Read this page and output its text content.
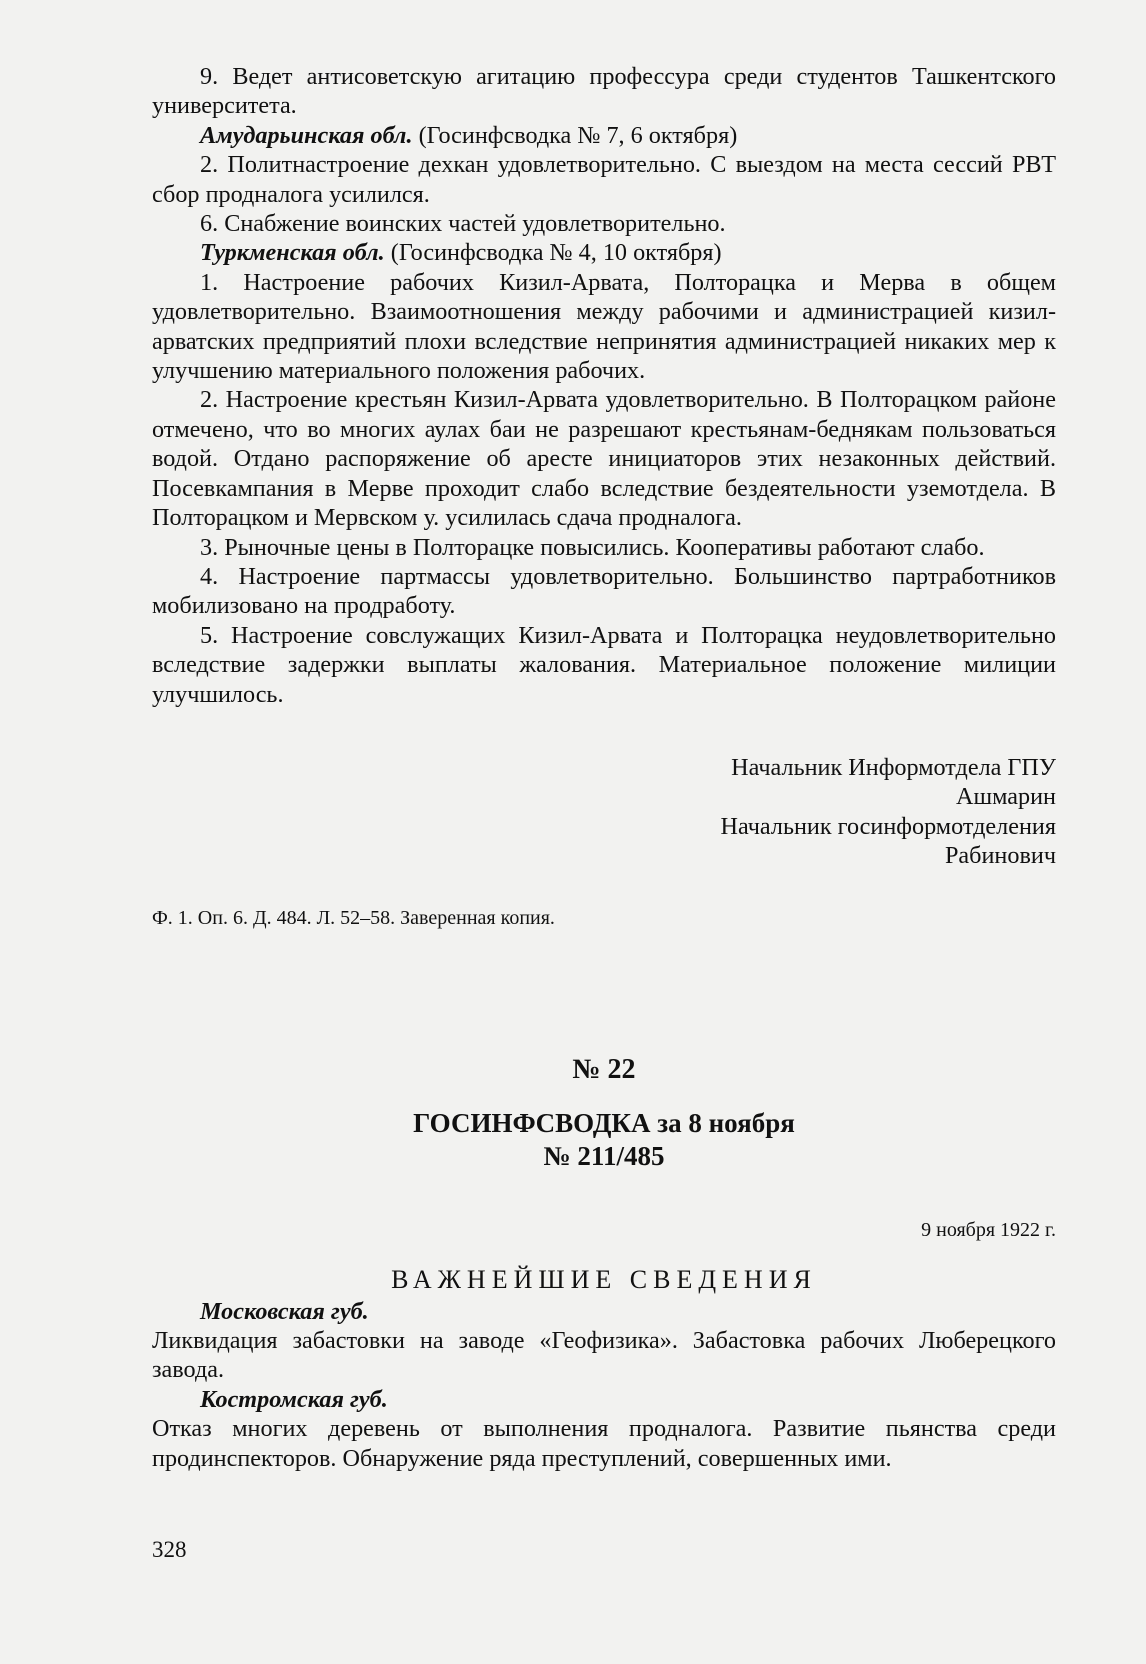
9. Ведет антисоветскую агитацию профессура среди студентов Ташкентского университета.

Амударьинская обл. (Госинфсводка № 7, 6 октября)

2. Политнастроение дехкан удовлетворительно. С выездом на места сессий РВТ сбор продналога усилился.

6. Снабжение воинских частей удовлетворительно.

Туркменская обл. (Госинфсводка № 4, 10 октября)

1. Настроение рабочих Кизил-Арвата, Полторацка и Мерва в общем удовлетворительно. Взаимоотношения между рабочими и администрацией кизил-арватских предприятий плохи вследствие непринятия администрацией никаких мер к улучшению материального положения рабочих.

2. Настроение крестьян Кизил-Арвата удовлетворительно. В Полторацком районе отмечено, что во многих аулах баи не разрешают крестьянам-беднякам пользоваться водой. Отдано распоряжение об аресте инициаторов этих незаконных действий. Посевкампания в Мерве проходит слабо вследствие бездеятельности уземотдела. В Полторацком и Мервском у. усилилась сдача продналога.

3. Рыночные цены в Полторацке повысились. Кооперативы работают слабо.

4. Настроение партмассы удовлетворительно. Большинство партработников мобилизовано на продработу.

5. Настроение совслужащих Кизил-Арвата и Полторацка неудовлетворительно вследствие задержки выплаты жалования. Материальное положение милиции улучшилось.

Начальник Информотдела ГПУ

Ашмарин

Начальник госинформотделения

Рабинович

Ф. 1. Оп. 6. Д. 484. Л. 52–58. Заверенная копия.
№ 22
ГОСИНФСВОДКА за 8 ноября
№ 211/485
9 ноября 1922 г.
ВАЖНЕЙШИЕ СВЕДЕНИЯ

Московская губ.

Ликвидация забастовки на заводе «Геофизика». Забастовка рабочих Люберецкого завода.

Костромская губ.

Отказ многих деревень от выполнения продналога. Развитие пьянства среди продинспекторов. Обнаружение ряда преступлений, совершенных ими.

328
